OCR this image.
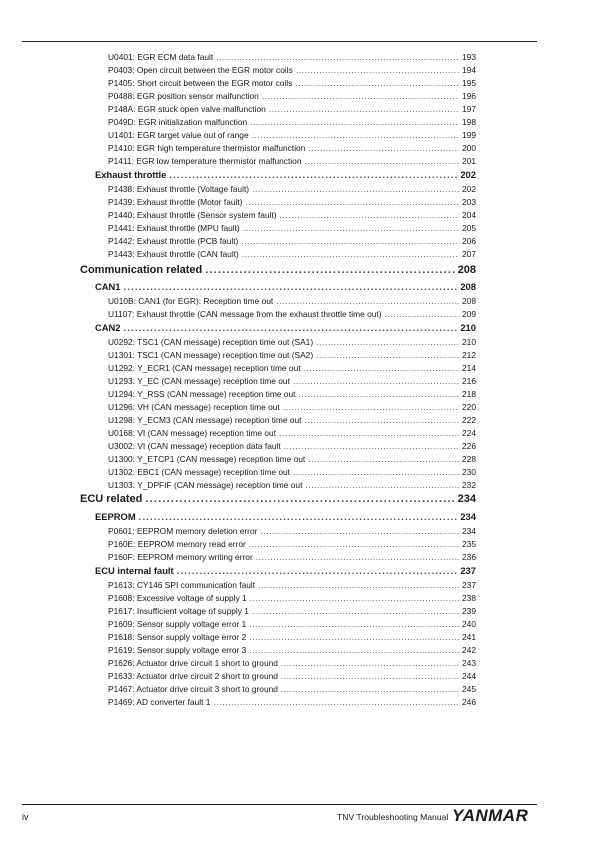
U0401: EGR ECM data fault .....	193
P0403: Open circuit between the EGR motor coils .....	194
P1405: Short circuit between the EGR motor coils .....	195
P0488: EGR position sensor malfunction .....	196
P148A: EGR stuck open valve malfunction .....	197
P049D: EGR initialization malfunction .....	198
U1401: EGR target value out of range .....	199
P1410: EGR high temperature thermistor malfunction .....	200
P1411: EGR low temperature thermistor malfunction .....	201
Exhaust throttle .....	202
P1438: Exhaust throttle (Voltage fault) .....	202
P1439: Exhaust throttle (Motor fault) .....	203
P1440: Exhaust throttle (Sensor system fault) .....	204
P1441: Exhaust throttle (MPU fault) .....	205
P1442: Exhaust throttle (PCB fault) .....	206
P1443: Exhaust throttle (CAN fault) .....	207
Communication related .....	208
CAN1 .....	208
U010B: CAN1 (for EGR): Reception time out .....	208
U1107: Exhaust throttle (CAN message from the exhaust throttle time out) .....	209
CAN2 .....	210
U0292: TSC1 (CAN message) reception time out (SA1) .....	210
U1301: TSC1 (CAN message) reception time out (SA2) .....	212
U1292: Y_ECR1 (CAN message) reception time out .....	214
U1293: Y_EC (CAN message) reception time out .....	216
U1294: Y_RSS (CAN message) reception time out .....	218
U1296: VH (CAN message) reception time out .....	220
U1298: Y_ECM3 (CAN message) reception time out .....	222
U0168: VI (CAN message) reception time out .....	224
U3002: VI (CAN message) reception data fault .....	226
U1300: Y_ETCP1 (CAN message) reception time out .....	228
U1302: EBC1 (CAN message) reception time out .....	230
U1303: Y_DPFIF (CAN message) reception time out .....	232
ECU related .....	234
EEPROM .....	234
P0601: EEPROM memory deletion error .....	234
P160E: EEPROM memory read error .....	235
P160F: EEPROM memory writing error .....	236
ECU internal fault .....	237
P1613: CY146 SPI communication fault .....	237
P1608: Excessive voltage of supply 1 .....	238
P1617: Insufficient voltage of supply 1 .....	239
P1609: Sensor supply voltage error 1 .....	240
P1618: Sensor supply voltage error 2 .....	241
P1619: Sensor supply voltage error 3 .....	242
P1626: Actuator drive circuit 1 short to ground .....	243
P1633: Actuator drive circuit 2 short to ground .....	244
P1467: Actuator drive circuit 3 short to ground .....	245
P1469: AD converter fault 1 .....	246
iv	TNV Troubleshooting Manual YANMAR
